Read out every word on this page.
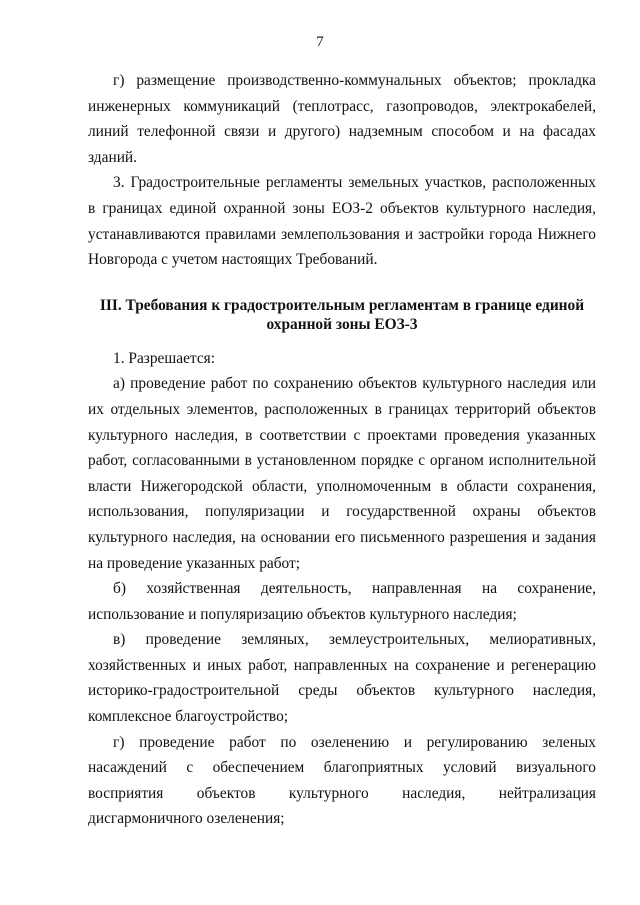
7

г) размещение производственно-коммунальных объектов; прокладка инженерных коммуникаций (теплотрасс, газопроводов, электрокабелей, линий телефонной связи и другого) надземным способом и на фасадах зданий.

3. Градостроительные регламенты земельных участков, расположенных в границах единой охранной зоны ЕОЗ-2 объектов культурного наследия, устанавливаются правилами землепользования и застройки города Нижнего Новгорода с учетом настоящих Требований.

III. Требования к градостроительным регламентам в границе единой охранной зоны ЕОЗ-3

1. Разрешается:

а) проведение работ по сохранению объектов культурного наследия или их отдельных элементов, расположенных в границах территорий объектов культурного наследия, в соответствии с проектами проведения указанных работ, согласованными в установленном порядке с органом исполнительной власти Нижегородской области, уполномоченным в области сохранения, использования, популяризации и государственной охраны объектов культурного наследия, на основании его письменного разрешения и задания на проведение указанных работ;

б) хозяйственная деятельность, направленная на сохранение, использование и популяризацию объектов культурного наследия;

в) проведение земляных, землеустроительных, мелиоративных, хозяйственных и иных работ, направленных на сохранение и регенерацию историко-градостроительной среды объектов культурного наследия, комплексное благоустройство;

г) проведение работ по озеленению и регулированию зеленых насаждений с обеспечением благоприятных условий визуального восприятия объектов культурного наследия, нейтрализация дисгармоничного озеленения;
